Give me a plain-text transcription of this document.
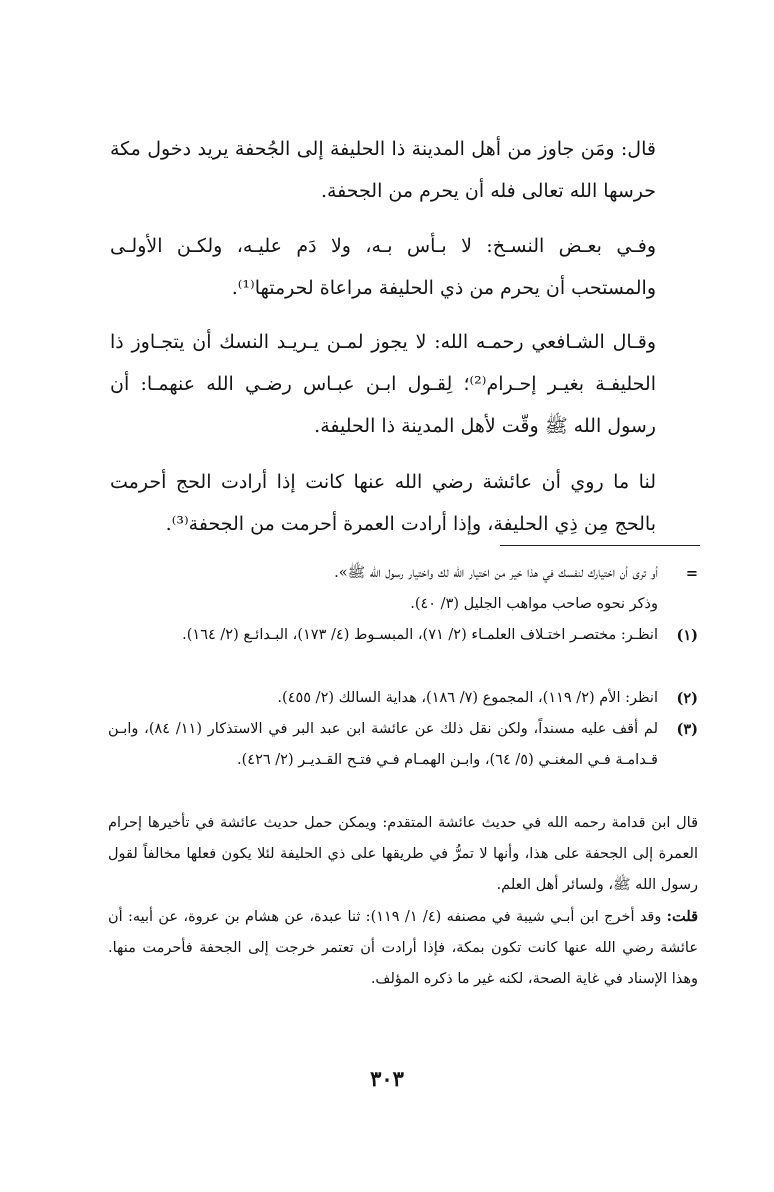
قال: ومَن جاوز من أهل المدينة ذا الحليفة إلى الجُحفة يريد دخول مكة حرسها الله تعالى فله أن يحرم من الجحفة.

وفـي بعـض النسـخ: لا بـأس بـه، ولا دَم عليـه، ولكـن الأولـى والمستحب أن يحرم من ذي الحليفة مراعاة لحرمتها⁽¹⁾.

وقـال الشـافعي رحمـه الله: لا يجوز لمـن يـريـد النسك أن يتجـاوز ذا الحليفـة بغيـر إحـرام⁽²⁾؛ لِقـول ابـن عبـاس رضـي الله عنهمـا: أن رسول الله ﷺ وقّت لأهل المدينة ذا الحليفة.

لنا ما روي أن عائشة رضي الله عنها كانت إذا أرادت الحج أحرمت بالحج مِن ذِي الحليفة، وإذا أرادت العمرة أحرمت من الجحفة⁽³⁾.

=
أو ترى أن اختيارك لنفسك في هذا خير من اختيار الله لك واختيار رسول الله ﷺ».
وذكر نحوه صاحب مواهب الجليل (٣/ ٤٠).
(١)
انظـر: مختصـر اختـلاف العلمـاء (٢/ ٧١)، المبسـوط (٤/ ١٧٣)، البـدائـع (٢/ ١٦٤).
(٢)
انظر: الأم (٢/ ١١٩)، المجموع (٧/ ١٨٦)، هداية السالك (٢/ ٤٥٥).
(٣)
لم أقف عليه مسنداً، ولكن نقل ذلك عن عائشة ابن عبد البر في الاستذكار (١١/ ٨٤)، وابـن قـدامـة فـي المغنـي (٥/ ٦٤)، وابـن الهمـام فـي فتـح القـديـر (٢/ ٤٢٦).
قال ابن قدامة رحمه الله في حديث عائشة المتقدم: ويمكن حمل حديث عائشة في تأخيرها إحرام العمرة إلى الجحفة على هذا، وأنها لا تمرُّ في طريقها على ذي الحليفة لئلا يكون فعلها مخالفاً لقول رسول الله ﷺ، ولسائر أهل العلم.
قلت: وقد أخرج ابن أبـي شيبة في مصنفه (٤/ ١/ ١١٩): ثنا عبدة، عن هشام بن عروة، عن أبيه: أن عائشة رضي الله عنها كانت تكون بمكة، فإذا أرادت أن تعتمر خرجت إلى الجحفة فأحرمت منها. وهذا الإسناد في غاية الصحة، لكنه غير ما ذكره المؤلف.
٣٠٣
